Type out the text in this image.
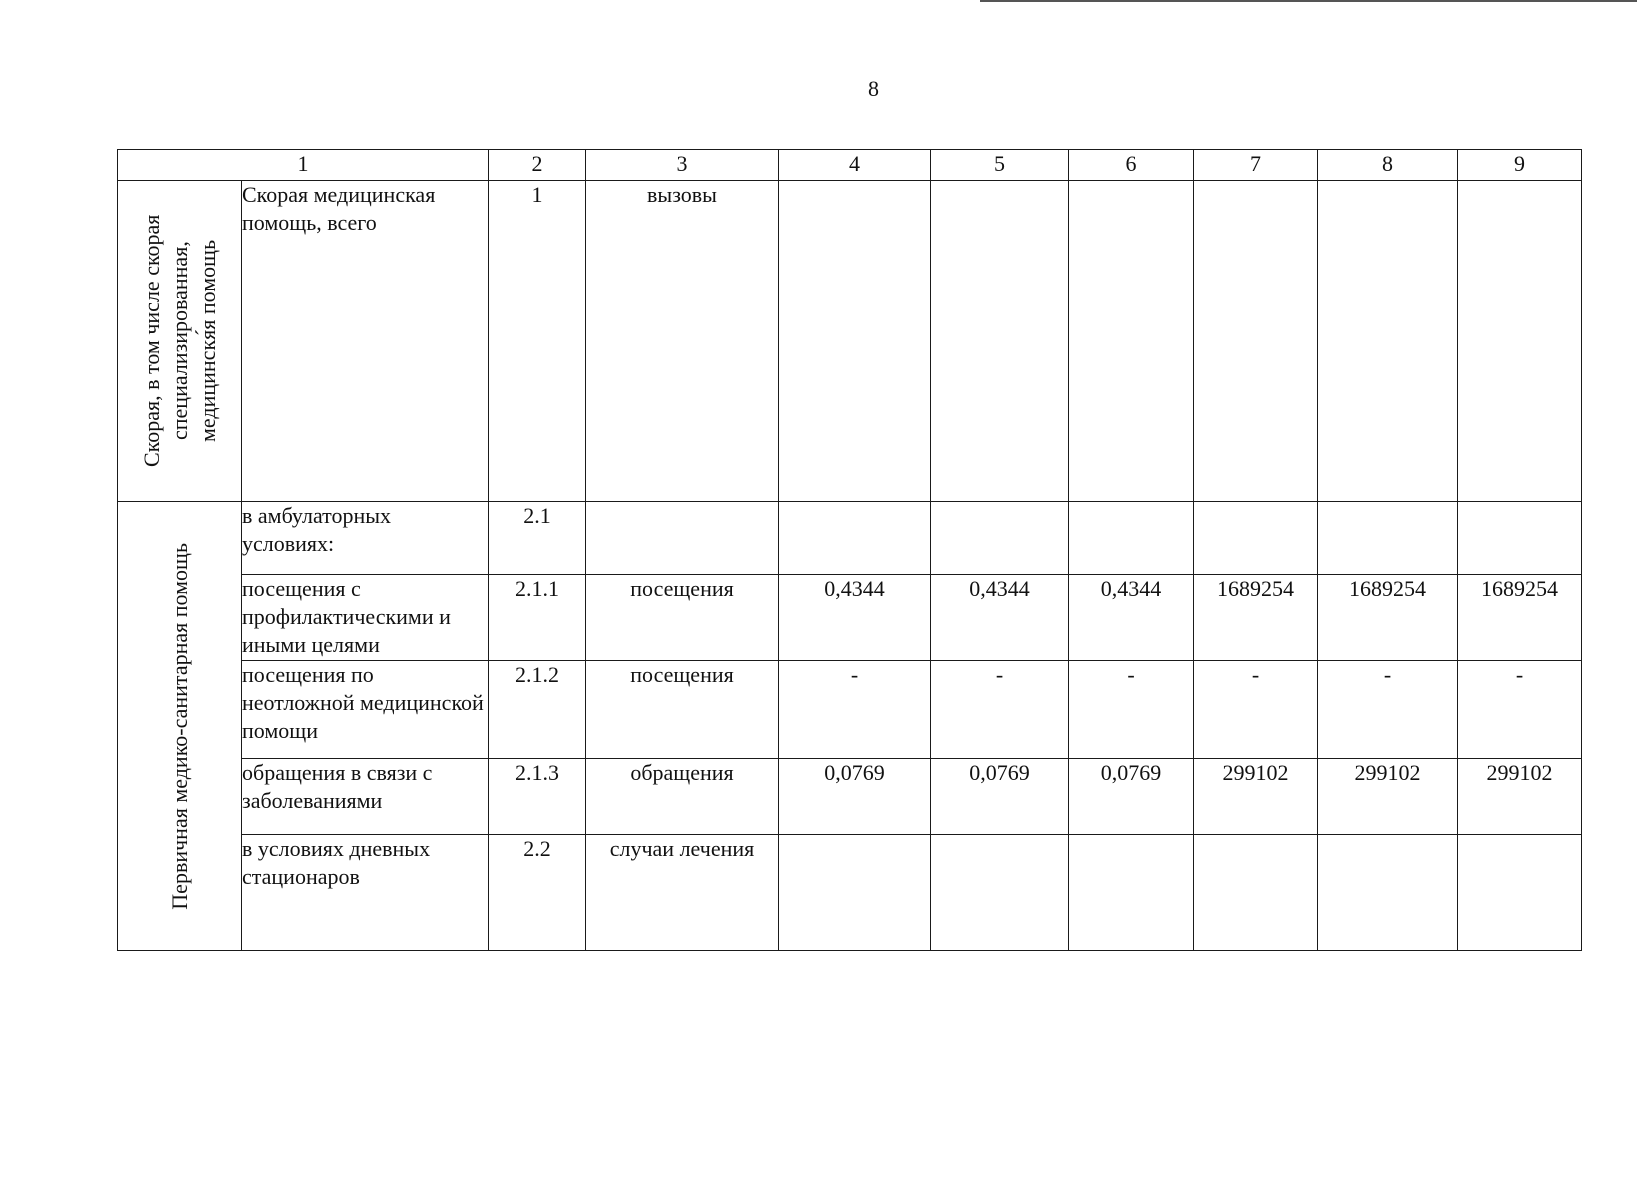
8
1		2	3	4	5	6	7	8	9

Скорая, в том числе скорая специализированная, медицинскя́я помощь	Скорая медицинская помощь, всего	1	вызовы						

Первичная медико-санитарная помощь	в амбулаторных условиях:	2.1							
	посещения с профилактическими и иными целями	2.1.1	посещения	0,4344	0,4344	0,4344	1689254	1689254	1689254
	посещения по неотложной медицинской помощи	2.1.2	посещения	-	-	-	-	-	-
	обращения в связи с заболеваниями	2.1.3	обращения	0,0769	0,0769	0,0769	299102	299102	299102
	в условиях дневных стационаров	2.2	случаи лечения						
